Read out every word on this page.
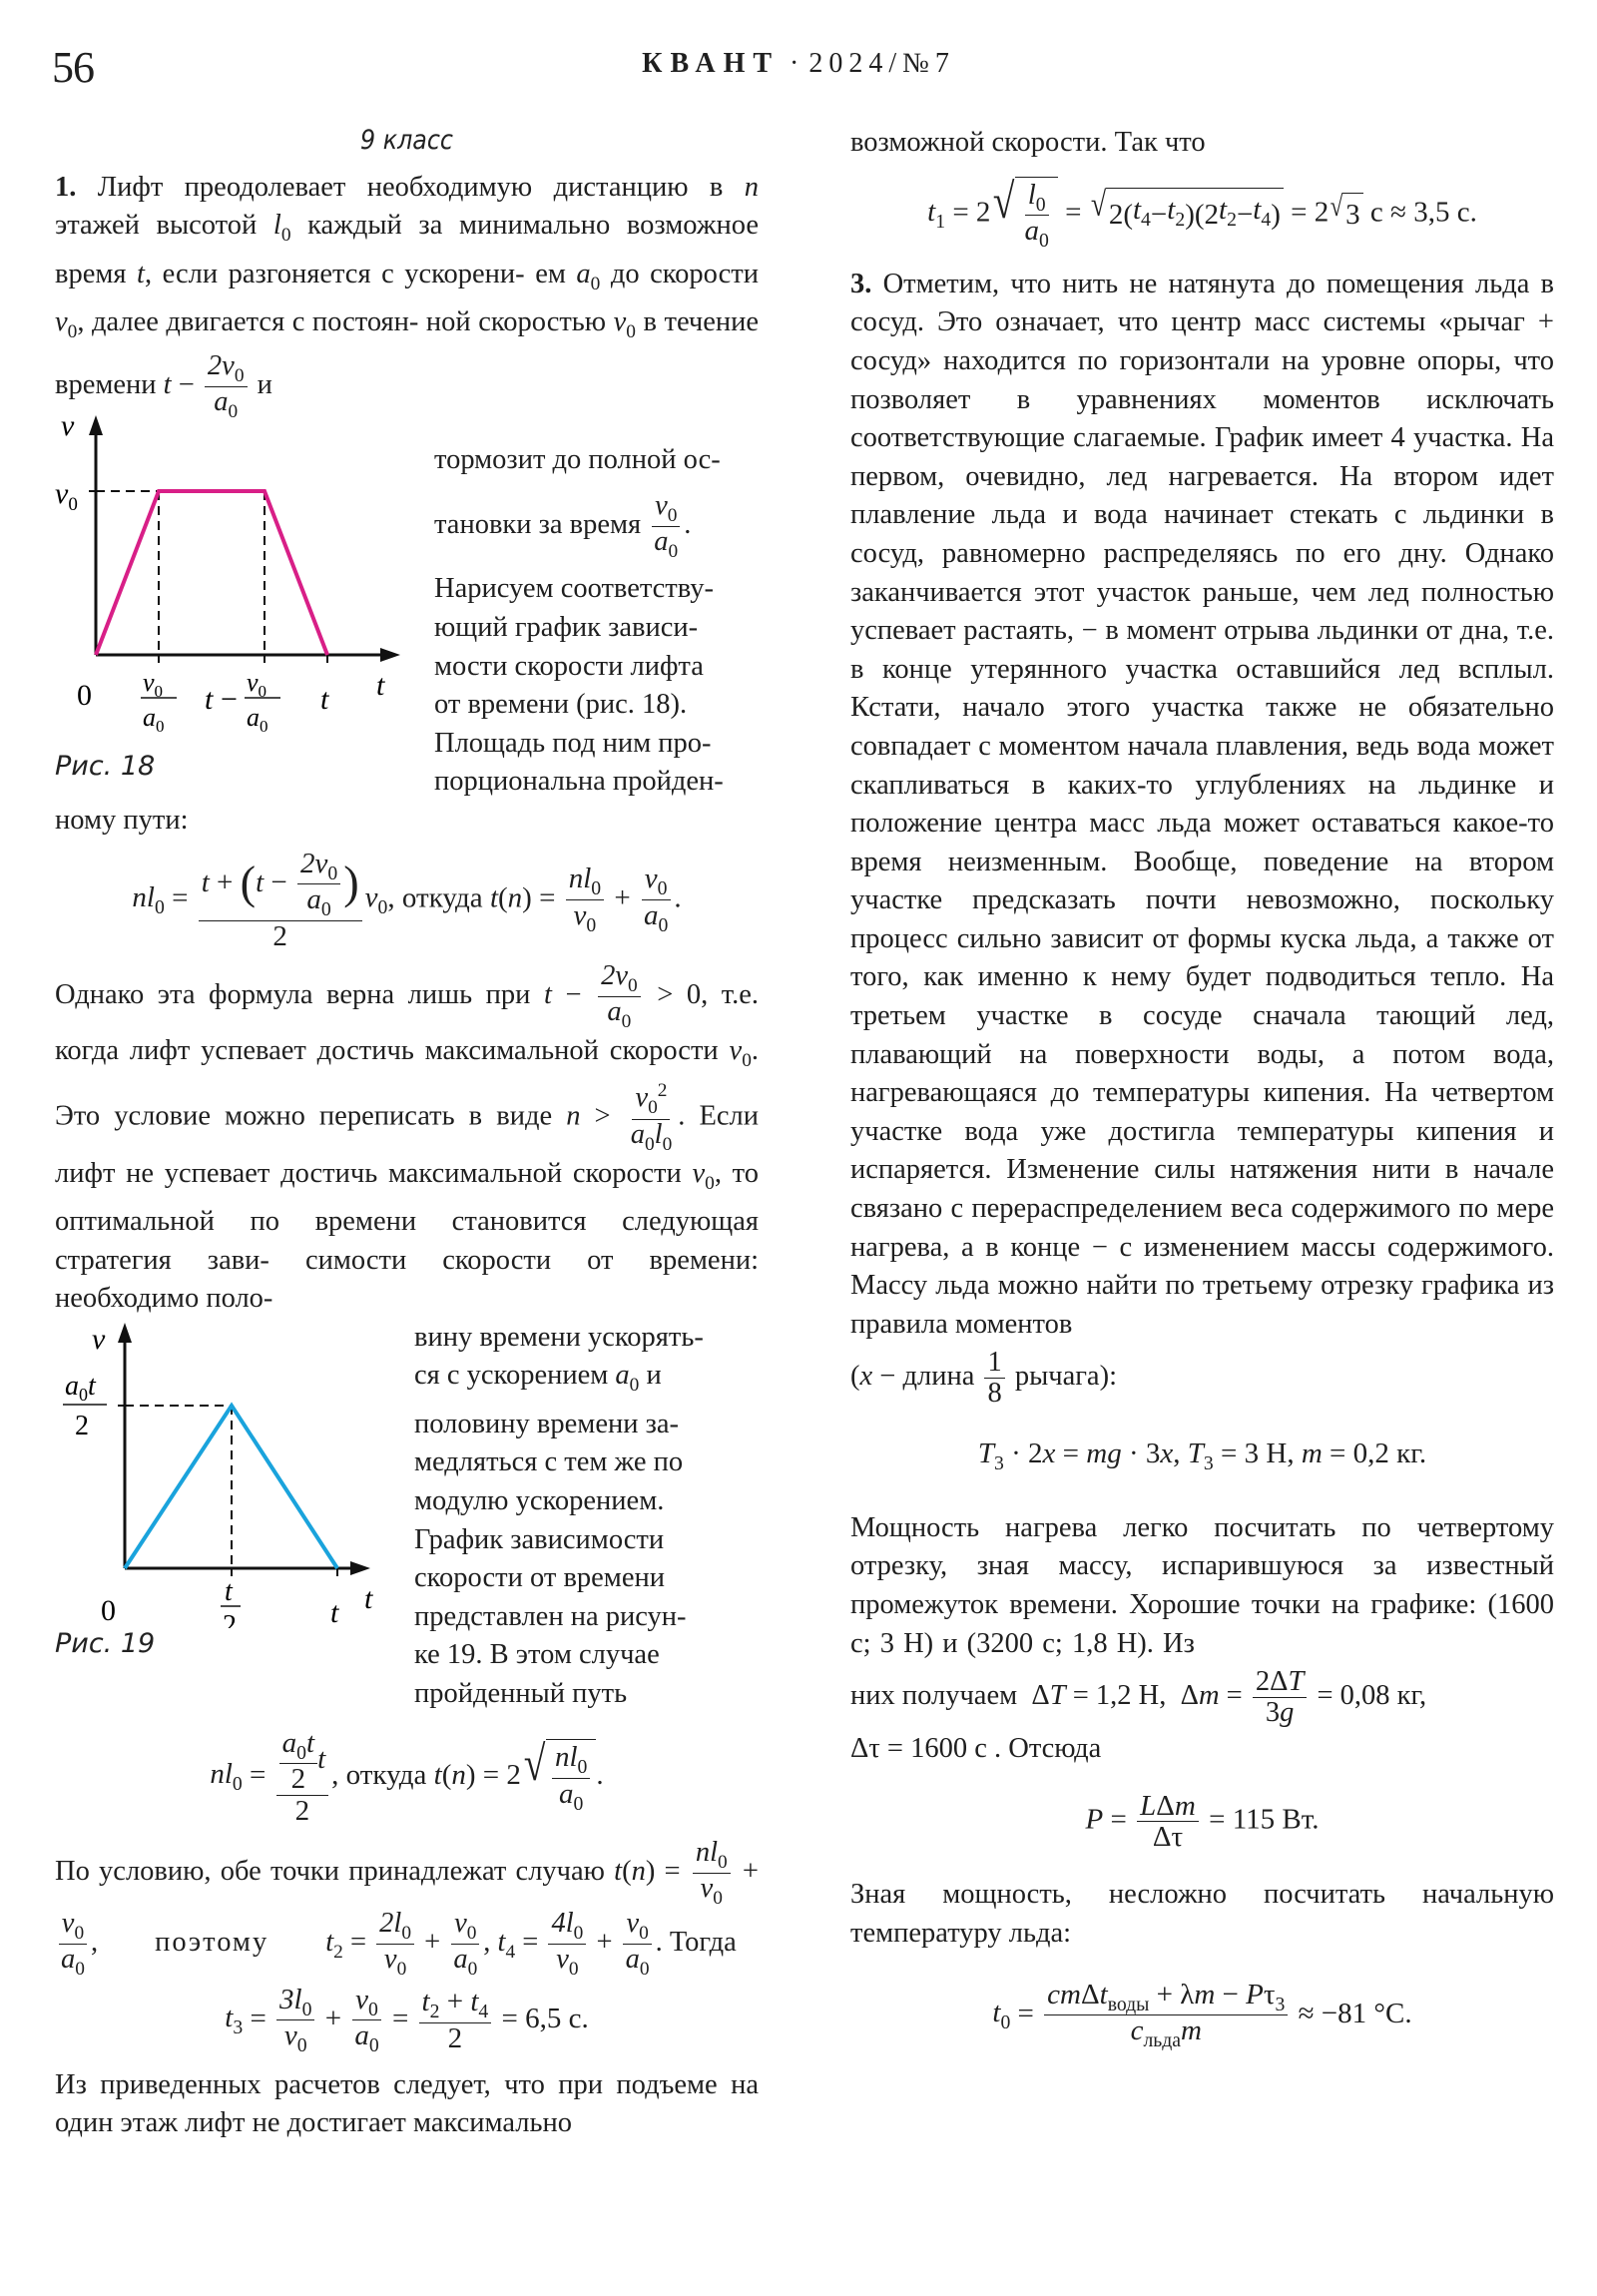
56	КВАНТ · 2024/№7
9 класс

1. Лифт преодолевает необходимую дистанцию в n этажей высотой $l_0$ каждый за минимально возможное время t, если разгоняется с ускорени- ем $a_0$ до скорости $v_0$, далее двигается с постоян- ной скоростью $v_0$ в течение времени $t - \frac{2v_0}{a_0}$ и

v
$v_0$
0 $v_0$
$a_0$
t −
$v_0$
$a_0$
t t
Рис. 18
тормозит до полной ос-
тановки за время $\frac{v_0}{a_0}$ .
Нарисуем соответству-
ющий график зависи-
мости скорости лифта
от времени (рис. 18).
Площадь под ним про-
порциональна пройден-

ному пути:

$nl_0 = \frac{t + (t - \frac{2v_0}{a_0} )}{2} v_0$, откуда $t(n) = \frac{nl_0}{v_0} + \frac{v_0}{a_0}$ .

Однако эта формула верна лишь при $t - \frac{2v_0}{a_0} > 0$, т.е. когда лифт успевает достичь максимальной скорости $v_0$. Это условие можно переписать в виде $n > \frac{v_0^2}{a_0l_0}$ . Если лифт не успевает достичь максимальной скорости $v_0$, то оптимальной по времени становится следующая стратегия зави- симости скорости от времени: необходимо поло-

v
$a_0t$
2
0
t
2	t t
Рис. 19
вину времени ускорять-
ся с ускорением $a_0$ и
половину времени за-
медляться с тем же по
модулю ускорением.
График зависимости
скорости от времени
представлен на рисун-
ке 19. В этом случае
пройденный путь
$nl_0 = \frac{\frac{a_0t}{2} t}{2}$ , откуда t(n) = 2 √ $\frac{nl_0}{a_0}$ .

По условию, обе точки принадлежат случаю $t(n) = \frac{nl_0}{v_0}$ +
$\frac{v_0}{a_0}$ ,        поэтому $t_2 = \frac{2l_0}{v_0} + \frac{v_0}{a_0}$ , $t_4 = \frac{4l_0}{v_0} + \frac{v_0}{a_0}$ . Тогда

$t_3 = \frac{3l_0}{v_0} + \frac{v_0}{a_0} = \frac{t_2 + t_4}{2} = 6,5$ с.

Из приведенных расчетов следует, что при подъеме на один этаж лифт не достигает максимально

возможной скорости. Так что

$t_1 = 2$ √ $\frac{l_0}{a_0}$ = √ 2( $t_4 - t_2$ )(2 $t_2 - t_4$ ) = 2 √ 3 с ≈ 3,5 с.

3. Отметим, что нить не натянута до помещения льда в сосуд. Это означает, что центр масс системы «рычаг + сосуд» находится по горизонтали на уровне опоры, что позволяет в уравнениях моментов исключать соответствующие слагаемые. График имеет 4 участка. На первом, очевидно, лед нагревается. На втором идет плавление льда и вода начинает стекать с льдинки в сосуд, равномерно распределяясь по его дну. Однако заканчивается этот участок раньше, чем лед полностью успевает растаять, − в момент отрыва льдинки от дна, т.е. в конце утерянного участка оставшийся лед всплыл. Кстати, начало этого участка также не обязательно совпадает с моментом начала плавления, ведь вода может скапливаться в каких-то углублениях на льдинке и положение центра масс льда может оставаться какое-то время неизменным. Вообще, поведение на втором участке предсказать почти невозможно, поскольку процесс сильно зависит от формы куска льда, а также от того, как именно к нему будет подводиться тепло. На третьем участке в сосуде сначала тающий лед, плавающий на поверхности воды, а потом вода, нагревающаяся до температуры кипения. На четвертом участке вода уже достигла температуры кипения и испаряется. Изменение силы натяжения нити в начале связано с перераспределением веса содержимого по мере нагрева, а в конце − с изменением массы содержимого. Массу льда можно найти по третьему отрезку графика из правила моментов

(x − длина $\frac{1}{8}$ рычага):

$T_3 \cdot 2x$ = mg · 3x, $T_3 = 3$ Н, m = 0,2 кг.

Мощность нагрева легко посчитать по четвертому отрезку, зная массу, испарившуюся за известный промежуток времени. Хорошие точки на графике: (1600 с; 3 Н) и (3200 с; 1,8 Н). Из

них получаем  ΔT = 1,2 Н,  $\Delta m = \frac{2\Delta T}{3g} = 0,08$ кг,

Δτ = 1600 с . Отсюда

$P = \frac{\text{LΔm}}{\Delta\tau} = 115$ Вт.

Зная мощность, несложно посчитать начальную температуру льда:

$t_0 = \frac{cm\Delta t_{воды} + \lambda m - P\tau_3}{c_{льда}m} \approx -81$ °C.
